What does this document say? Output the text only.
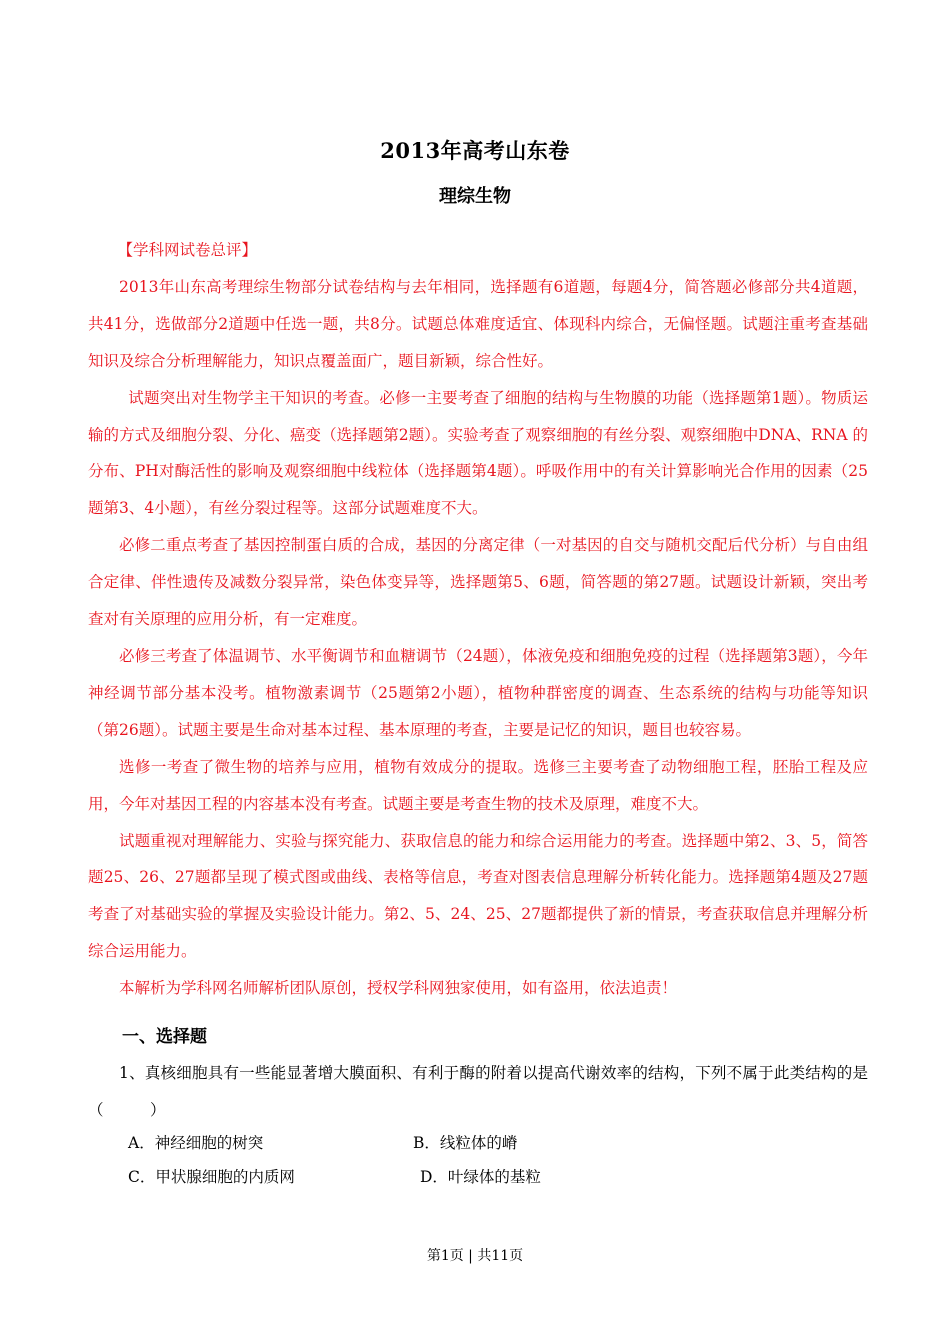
2013年高考山东卷
理综生物

【学科网试卷总评】

2013年山东高考理综生物部分试卷结构与去年相同，选择题有6道题，每题4分，简答题必修部分共4道题，共41分，选做部分2道题中任选一题，共8分。试题总体难度适宜、体现科内综合，无偏怪题。试题注重考查基础知识及综合分析理解能力，知识点覆盖面广，题目新颖，综合性好。

试题突出对生物学主干知识的考查。必修一主要考查了细胞的结构与生物膜的功能（选择题第1题）。物质运输的方式及细胞分裂、分化、癌变（选择题第2题）。实验考查了观察细胞的有丝分裂、观察细胞中DNA、RNA 的分布、PH对酶活性的影响及观察细胞中线粒体（选择题第4题）。呼吸作用中的有关计算影响光合作用的因素（25题第3、4小题），有丝分裂过程等。这部分试题难度不大。

必修二重点考查了基因控制蛋白质的合成，基因的分离定律（一对基因的自交与随机交配后代分析）与自由组合定律、伴性遗传及减数分裂异常，染色体变异等，选择题第5、6题，简答题的第27题。试题设计新颖，突出考查对有关原理的应用分析，有一定难度。

必修三考查了体温调节、水平衡调节和血糖调节（24题），体液免疫和细胞免疫的过程（选择题第3题），今年神经调节部分基本没考。植物激素调节（25题第2小题），植物种群密度的调查、生态系统的结构与功能等知识（第26题）。试题主要是生命对基本过程、基本原理的考查，主要是记忆的知识，题目也较容易。

选修一考查了微生物的培养与应用，植物有效成分的提取。选修三主要考查了动物细胞工程，胚胎工程及应用，今年对基因工程的内容基本没有考查。试题主要是考查生物的技术及原理，难度不大。

试题重视对理解能力、实验与探究能力、获取信息的能力和综合运用能力的考查。选择题中第2、3、5，简答题25、26、27题都呈现了模式图或曲线、表格等信息，考查对图表信息理解分析转化能力。选择题第4题及27题考查了对基础实验的掌握及实验设计能力。第2、5、24、25、27题都提供了新的情景，考查获取信息并理解分析综合运用能力。

本解析为学科网名师解析团队原创，授权学科网独家使用，如有盗用，依法追责！

一、选择题

1、真核细胞具有一些能显著增大膜面积、有利于酶的附着以提高代谢效率的结构，下列不属于此类结构的是（　　　）

A．神经细胞的树突	B．线粒体的嵴
C．甲状腺细胞的内质网	D．叶绿体的基粒
第1页 | 共11页
